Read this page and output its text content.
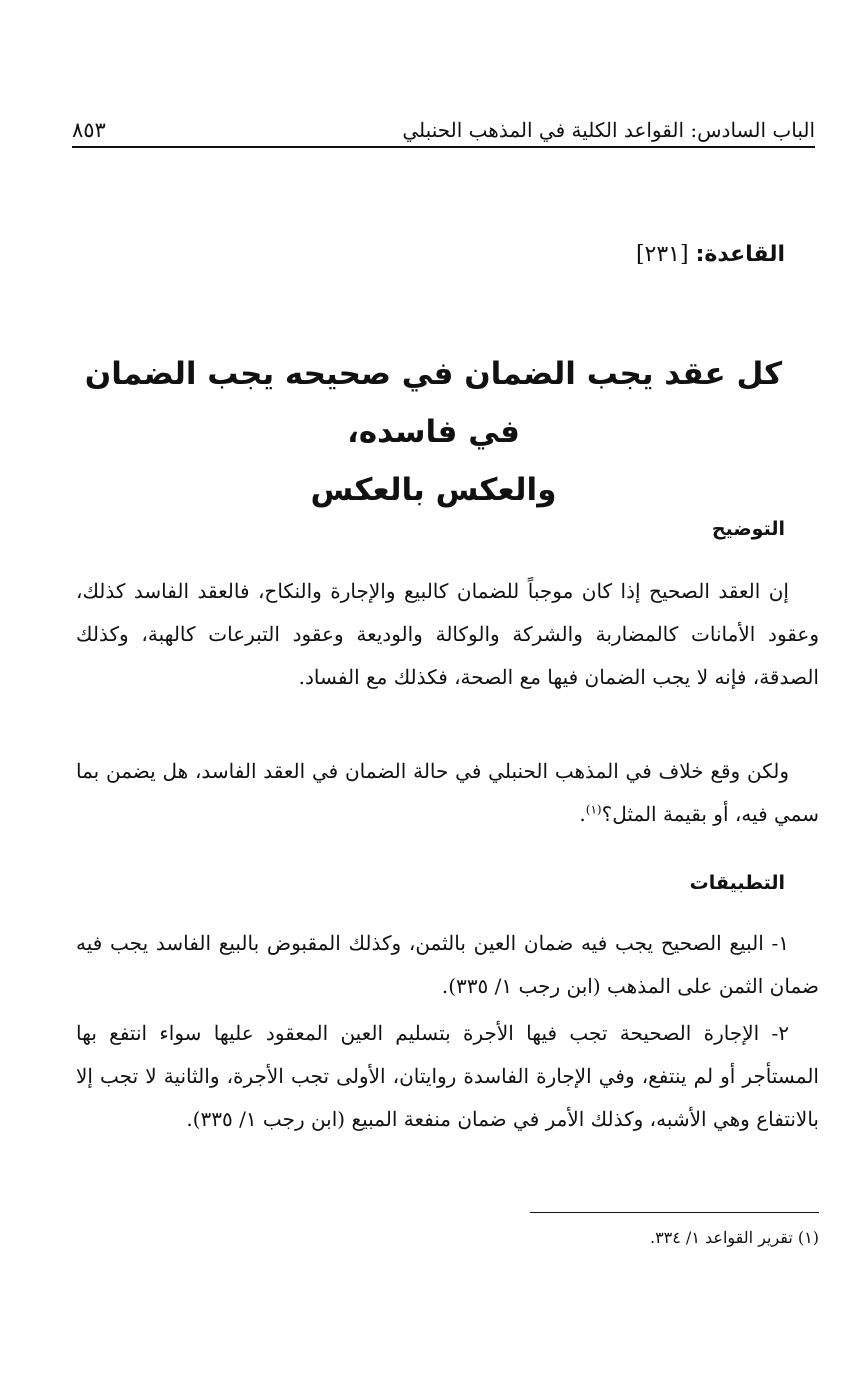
الباب السادس: القواعد الكلية في المذهب الحنبلي
٨٥٣
القاعدة: [٢٣١]
كل عقد يجب الضمان في صحيحه يجب الضمان في فاسده،
والعكس بالعكس
التوضيح
إن العقد الصحيح إذا كان موجباً للضمان كالبيع والإجارة والنكاح، فالعقد الفاسد كذلك، وعقود الأمانات كالمضاربة والشركة والوكالة والوديعة وعقود التبرعات كالهبة، وكذلك الصدقة، فإنه لا يجب الضمان فيها مع الصحة، فكذلك مع الفساد.
ولكن وقع خلاف في المذهب الحنبلي في حالة الضمان في العقد الفاسد، هل يضمن بما سمي فيه، أو بقيمة المثل؟$^{(١)}$.
التطبيقات
١- البيع الصحيح يجب فيه ضمان العين بالثمن، وكذلك المقبوض بالبيع الفاسد يجب فيه ضمان الثمن على المذهب (ابن رجب ١/ ٣٣٥).
٢- الإجارة الصحيحة تجب فيها الأجرة بتسليم العين المعقود عليها سواء انتفع بها المستأجر أو لم ينتفع، وفي الإجارة الفاسدة روايتان، الأولى تجب الأجرة، والثانية لا تجب إلا بالانتفاع وهي الأشبه، وكذلك الأمر في ضمان منفعة المبيع (ابن رجب ١/ ٣٣٥).
(١) تقرير القواعد ١/ ٣٣٤.
